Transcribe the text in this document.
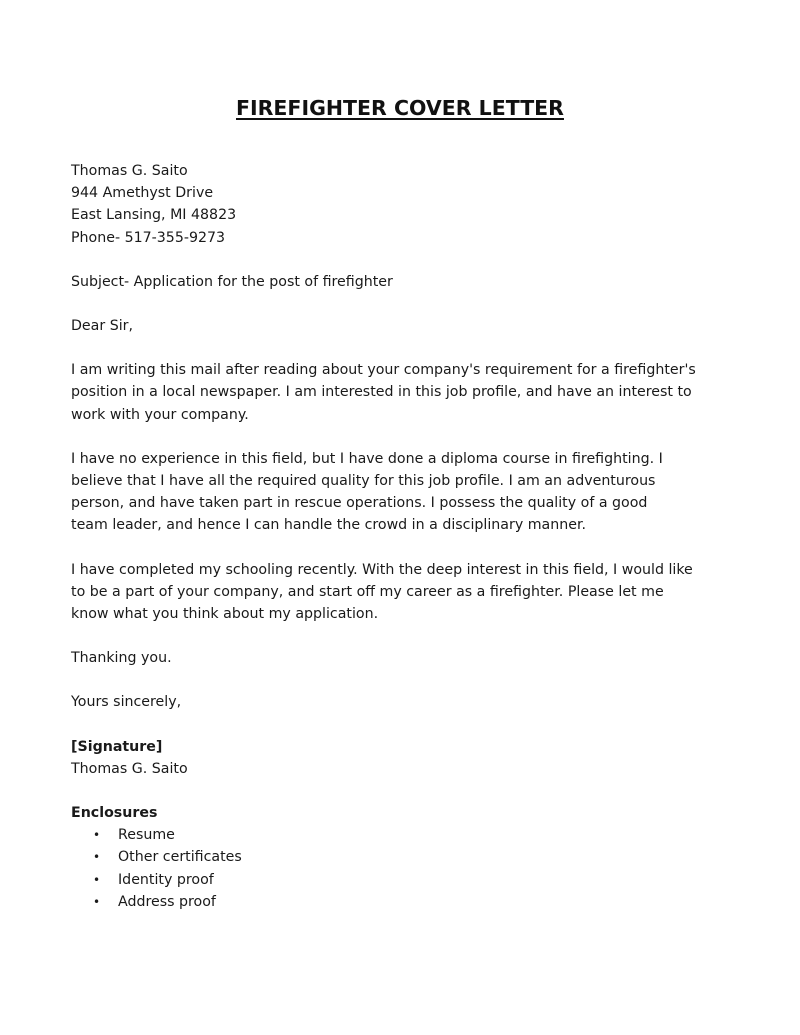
FIREFIGHTER COVER LETTER
Thomas G. Saito
944 Amethyst Drive
East Lansing, MI 48823
Phone- 517-355-9273
Subject- Application for the post of firefighter
Dear Sir,
I am writing this mail after reading about your company's requirement for a firefighter's
position in a local newspaper. I am interested in this job profile, and have an interest to
work with your company.
I have no experience in this field, but I have done a diploma course in firefighting. I
believe that I have all the required quality for this job profile. I am an adventurous
person, and have taken part in rescue operations. I possess the quality of a good
team leader, and hence I can handle the crowd in a disciplinary manner.
I have completed my schooling recently. With the deep interest in this field, I would like
to be a part of your company, and start off my career as a firefighter. Please let me
know what you think about my application.
Thanking you.
Yours sincerely,
[Signature]
Thomas G. Saito
Enclosures
• Resume
• Other certificates
• Identity proof
• Address proof
